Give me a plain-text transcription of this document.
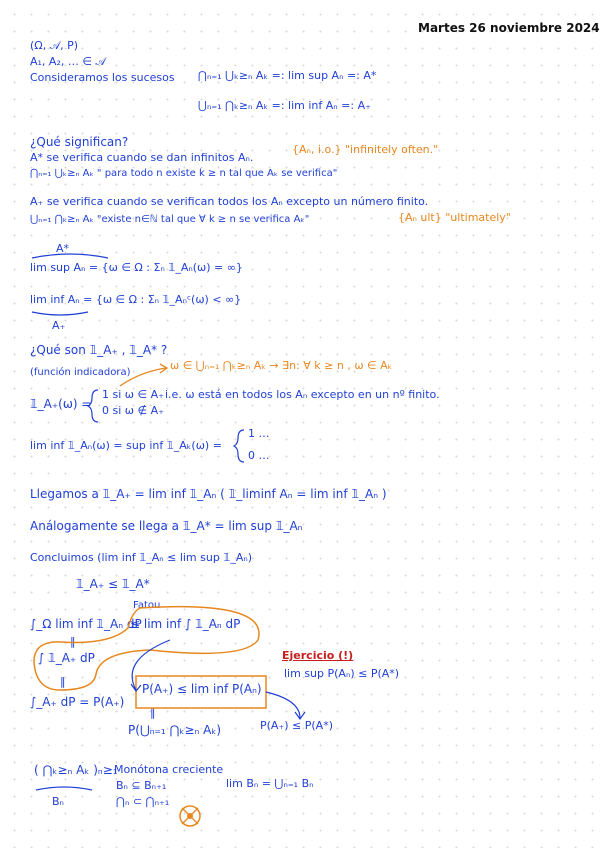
Martes 26 noviembre 2024
(Ω, 𝒜, P)
A₁, A₂, … ∈ 𝒜
Consideramos los sucesos ⋂ₙ₌₁ ⋃ₖ≥ₙ Aₖ =: lim sup Aₙ =: A*
⋃ₙ₌₁ ⋂ₖ≥ₙ Aₖ =: lim inf Aₙ =: A₊
¿Qué significan?
A* se verifica cuando se dan infinitos Aₙ.
{Aₙ, i.o.} "infinitely often."
⋂ₙ₌₁ ⋃ₖ≥ₙ Aₖ " para todo n existe k ≥ n tal que Aₖ se verifica"
A₊ se verifica cuando se verifican todos los Aₙ excepto un número finito.
⋃ₙ₌₁ ⋂ₖ≥ₙ Aₖ "existe n∈ℕ tal que ∀ k ≥ n se verifica Aₖ"	{Aₙ ult} "ultimately"
A*
lim sup Aₙ = {ω ∈ Ω : Σₙ 𝟙_Aₙ(ω) = ∞}
lim inf Aₙ = {ω ∈ Ω : Σₙ 𝟙_Aₙᶜ(ω) < ∞}
A₊
¿Qué son 𝟙_A₊ , 𝟙_A* ?
ω ∈ ⋃ₙ₌₁ ⋂ₖ≥ₙ Aₖ → ∃n: ∀ k ≥ n , ω ∈ Aₖ
(función indicadora)
𝟙_A₊(ω) =
1 si ω ∈ A₊
0 si ω ∉ A₊
i.e. ω está en todos los Aₙ excepto en un nº finito.
lim inf 𝟙_Aₙ(ω) = sup inf 𝟙_Aₖ(ω) =
1 …
0 …
Llegamos a 𝟙_A₊ = lim inf 𝟙_Aₙ ( 𝟙_liminf Aₙ = lim inf 𝟙_Aₙ )
Análogamente se llega a 𝟙_A* = lim sup 𝟙_Aₙ
Concluimos (lim inf 𝟙_Aₙ ≤ lim sup 𝟙_Aₙ)
𝟙_A₊ ≤ 𝟙_A*
Fatou
∫_Ω lim inf 𝟙_Aₙ dP
≤ lim inf ∫ 𝟙_Aₙ dP
‖
∫ 𝟙_A₊ dP
‖
∫_A₊ dP = P(A₊)
P(A₊) ≤ lim inf P(Aₙ)
‖
P(⋃ₙ₌₁ ⋂ₖ≥ₙ Aₖ)
Ejercicio (!)
lim sup P(Aₙ) ≤ P(A*)
P(A₊) ≤ P(A*)
( ⋂ₖ≥ₙ Aₖ )ₙ≥₁
Bₙ
Monótona creciente
Bₙ ⊆ Bₙ₊₁
⋂ₙ ⊂ ⋂ₙ₊₁
lim Bₙ = ⋃ₙ₌₁ Bₙ
